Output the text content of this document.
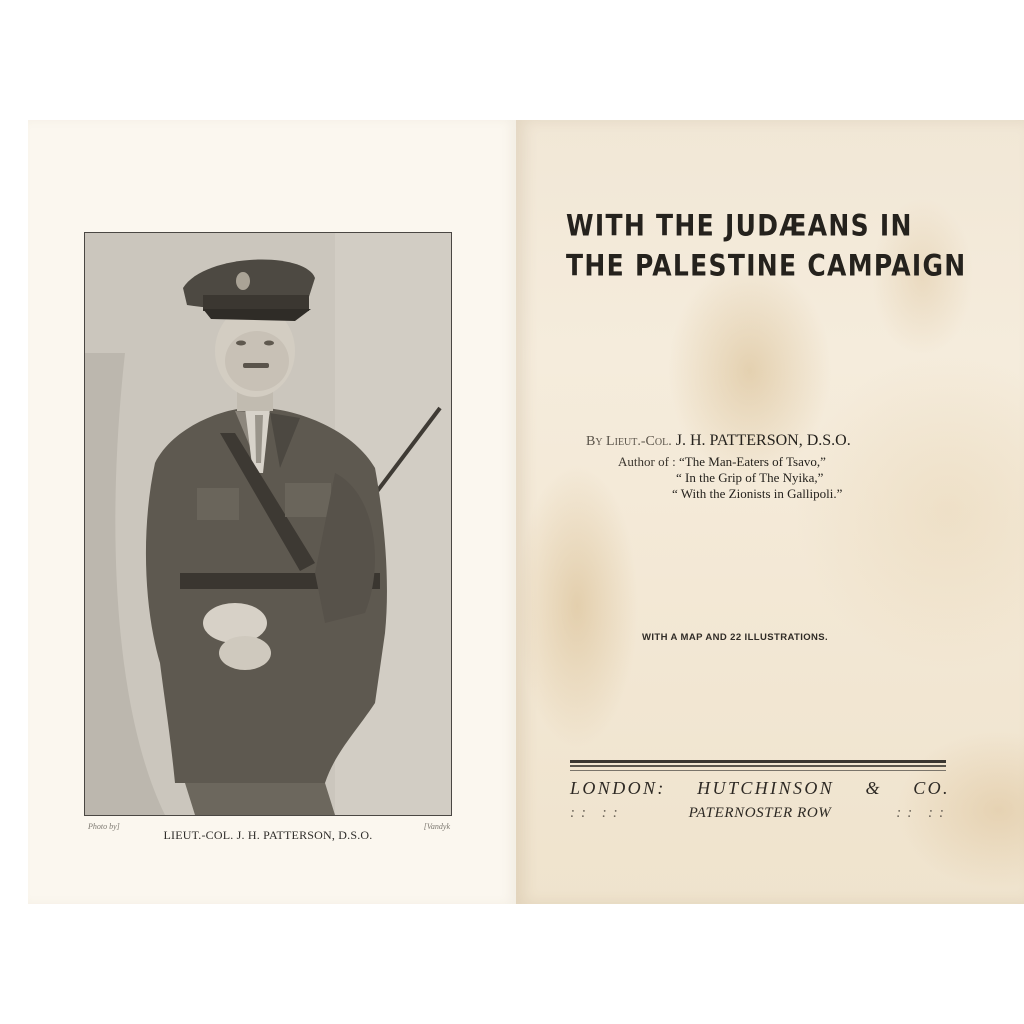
Photo by]	[Vandyk
LIEUT.-COL. J. H. PATTERSON, D.S.O.
WITH THE JUDÆANS IN
THE PALESTINE CAMPAIGN
By Lieut.-Col. J. H. PATTERSON, D.S.O.
Author of : “The Man-Eaters of Tsavo,”
“ In the Grip of The Nyika,”
“ With the Zionists in Gallipoli.”
WITH A MAP AND 22 ILLUSTRATIONS.
LONDON: HUTCHINSON & CO.
:: ::	PATERNOSTER ROW	:: ::
